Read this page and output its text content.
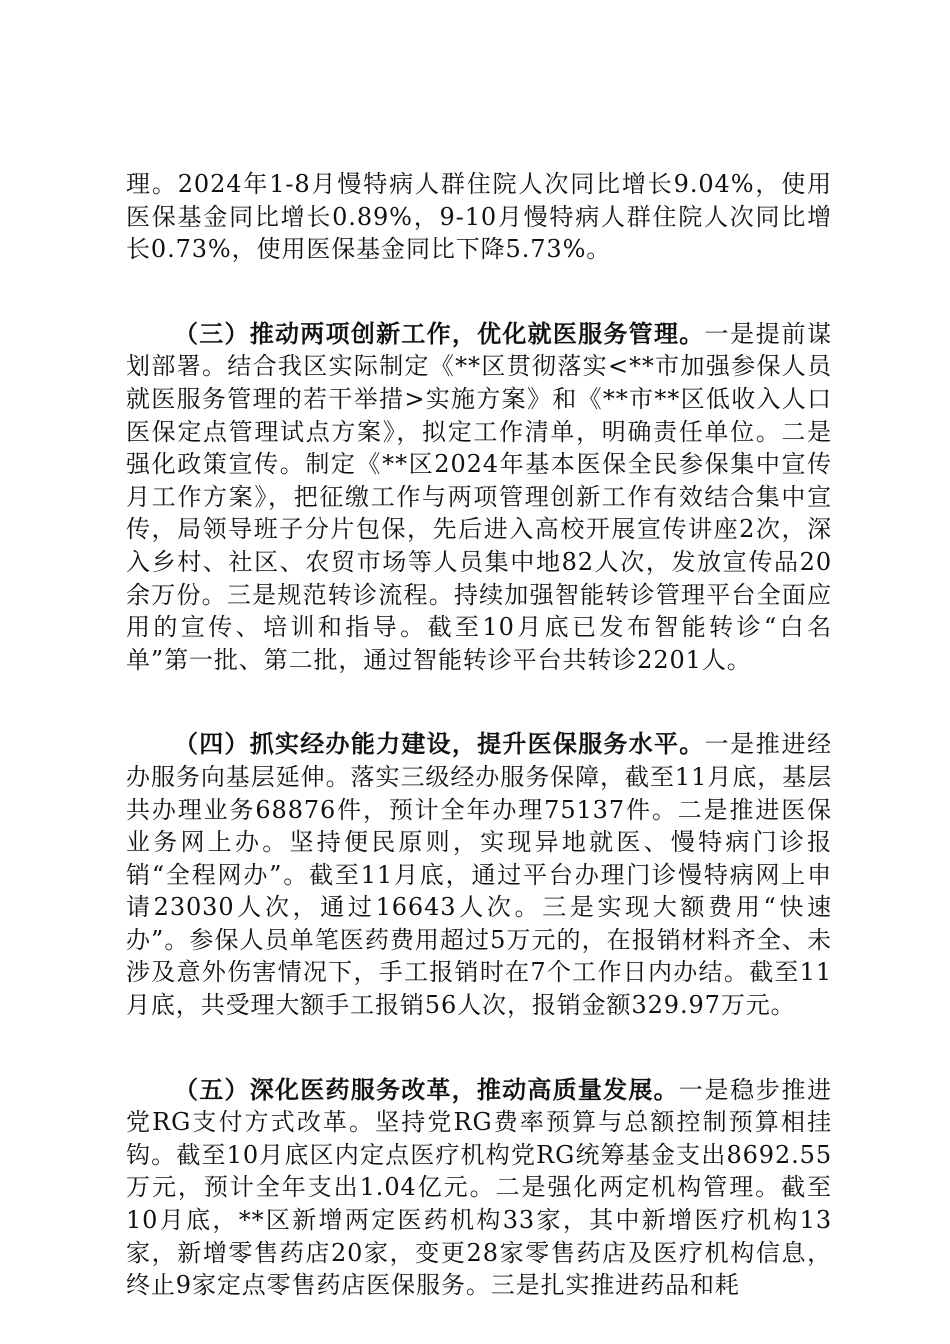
理。2024年1-8月慢特病人群住院人次同比增长9.04%，使用医保基金同比增长0.89%，9-10月慢特病人群住院人次同比增长0.73%，使用医保基金同比下降5.73%。

（三）推动两项创新工作，优化就医服务管理。一是提前谋划部署。结合我区实际制定《**区贯彻落实<**市加强参保人员就医服务管理的若干举措>实施方案》和《**市**区低收入人口医保定点管理试点方案》，拟定工作清单，明确责任单位。二是强化政策宣传。制定《**区2024年基本医保全民参保集中宣传月工作方案》，把征缴工作与两项管理创新工作有效结合集中宣传，局领导班子分片包保，先后进入高校开展宣传讲座2次，深入乡村、社区、农贸市场等人员集中地82人次，发放宣传品20余万份。三是规范转诊流程。持续加强智能转诊管理平台全面应用的宣传、培训和指导。截至10月底已发布智能转诊“白名单”第一批、第二批，通过智能转诊平台共转诊2201人。

（四）抓实经办能力建设，提升医保服务水平。一是推进经办服务向基层延伸。落实三级经办服务保障，截至11月底，基层共办理业务68876件，预计全年办理75137件。二是推进医保业务网上办。坚持便民原则，实现异地就医、慢特病门诊报销“全程网办”。截至11月底，通过平台办理门诊慢特病网上申请23030人次，通过16643人次。三是实现大额费用“快速办”。参保人员单笔医药费用超过5万元的，在报销材料齐全、未涉及意外伤害情况下，手工报销时在7个工作日内办结。截至11月底，共受理大额手工报销56人次，报销金额329.97万元。

（五）深化医药服务改革，推动高质量发展。一是稳步推进党RG支付方式改革。坚持党RG费率预算与总额控制预算相挂钩。截至10月底区内定点医疗机构党RG统筹基金支出8692.55万元，预计全年支出1.04亿元。二是强化两定机构管理。截至10月底，**区新增两定医药机构33家，其中新增医疗机构13家，新增零售药店20家，变更28家零售药店及医疗机构信息，终止9家定点零售药店医保服务。三是扎实推进药品和耗
